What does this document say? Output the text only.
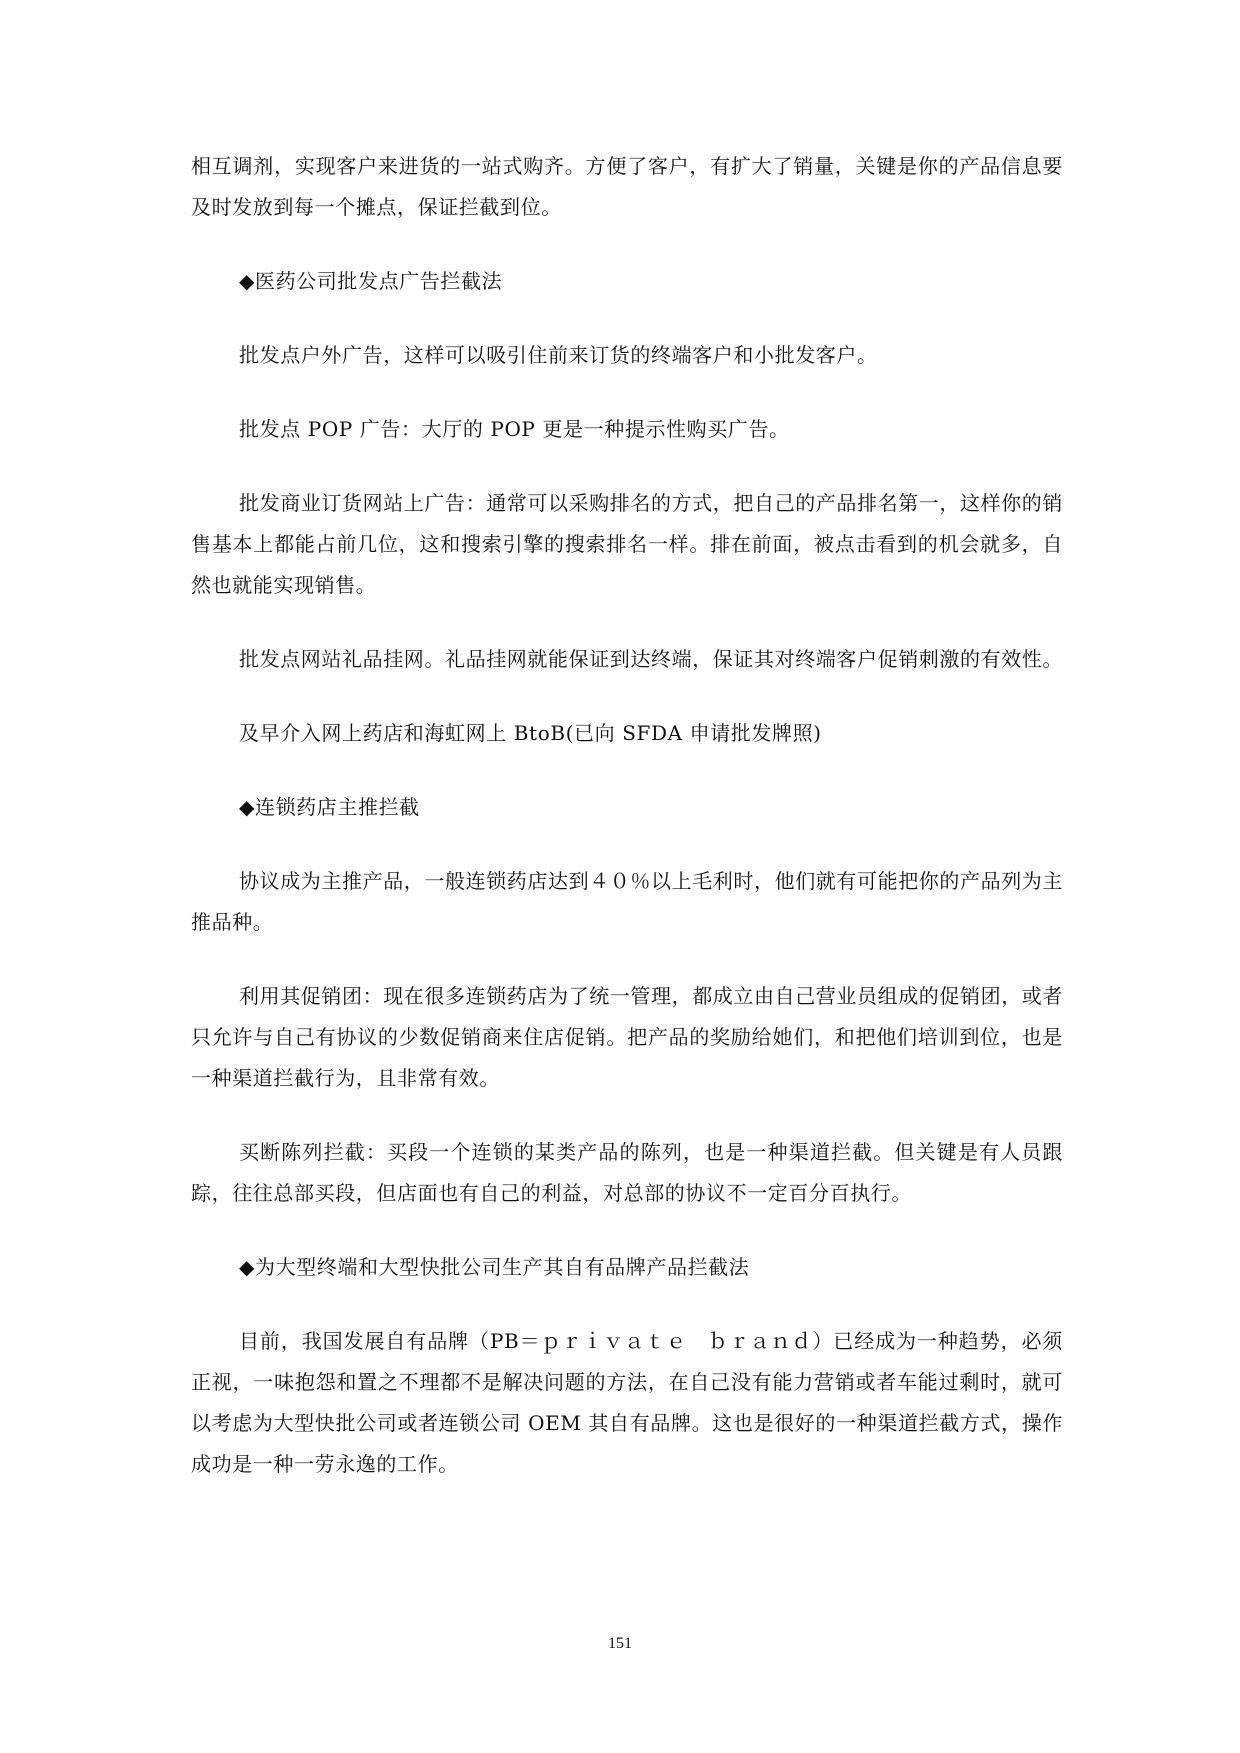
相互调剂，实现客户来进货的一站式购齐。方便了客户，有扩大了销量，关键是你的产品信息要及时发放到每一个摊点，保证拦截到位。

◆医药公司批发点广告拦截法

批发点户外广告，这样可以吸引住前来订货的终端客户和小批发客户。

批发点 POP 广告：大厅的 POP 更是一种提示性购买广告。

批发商业订货网站上广告：通常可以采购排名的方式，把自己的产品排名第一，这样你的销售基本上都能占前几位，这和搜索引擎的搜索排名一样。排在前面，被点击看到的机会就多，自然也就能实现销售。

批发点网站礼品挂网。礼品挂网就能保证到达终端，保证其对终端客户促销刺激的有效性。

及早介入网上药店和海虹网上 BtoB(已向 SFDA 申请批发牌照)

◆连锁药店主推拦截

协议成为主推产品，一般连锁药店达到４０％以上毛利时，他们就有可能把你的产品列为主推品种。

利用其促销团：现在很多连锁药店为了统一管理，都成立由自己营业员组成的促销团，或者只允许与自己有协议的少数促销商来住店促销。把产品的奖励给她们，和把他们培训到位，也是一种渠道拦截行为，且非常有效。

买断陈列拦截：买段一个连锁的某类产品的陈列，也是一种渠道拦截。但关键是有人员跟踪，往往总部买段，但店面也有自己的利益，对总部的协议不一定百分百执行。

◆为大型终端和大型快批公司生产其自有品牌产品拦截法

目前，我国发展自有品牌（PB＝ｐｒｉｖａｔｅ　ｂｒａｎｄ）已经成为一种趋势，必须正视，一味抱怨和置之不理都不是解决问题的方法，在自己没有能力营销或者车能过剩时，就可以考虑为大型快批公司或者连锁公司 OEM 其自有品牌。这也是很好的一种渠道拦截方式，操作成功是一种一劳永逸的工作。

151
